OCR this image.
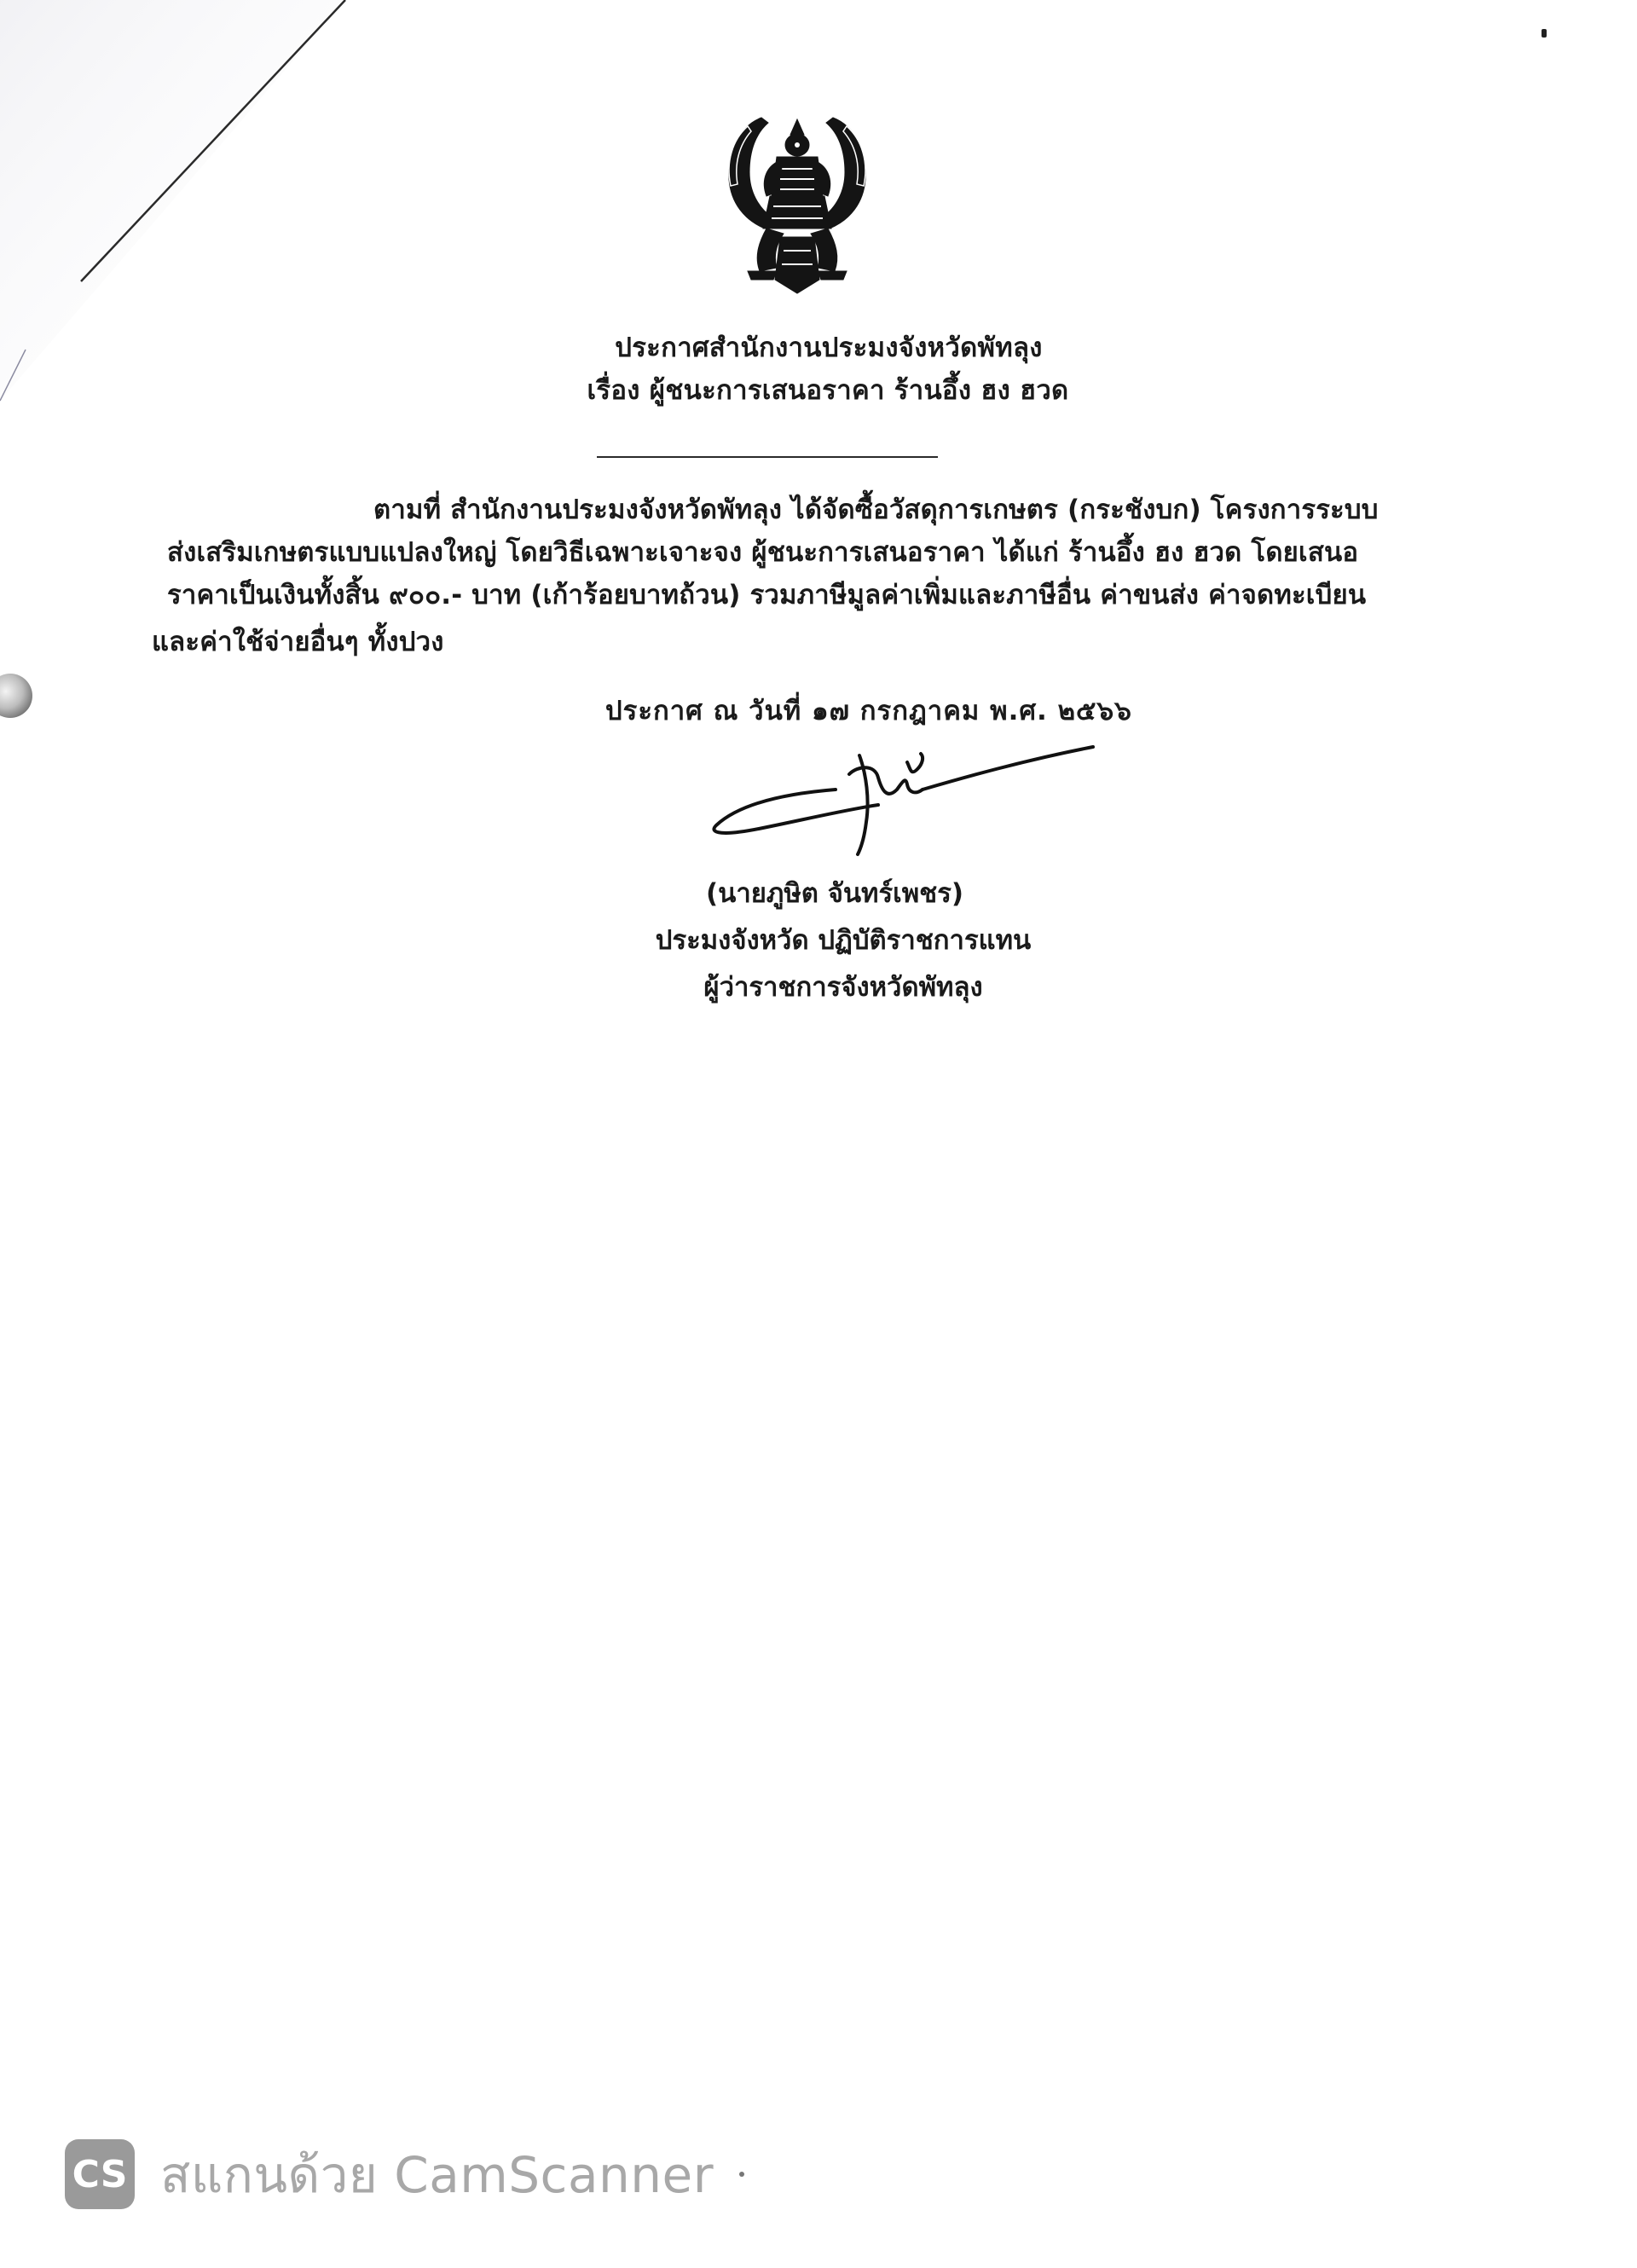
ประกาศสำนักงานประมงจังหวัดพัทลุง
เรื่อง ผู้ชนะการเสนอราคา ร้านอึ้ง ฮง ฮวด
ตามที่ สำนักงานประมงจังหวัดพัทลุง ได้จัดซื้อวัสดุการเกษตร (กระชังบก) โครงการระบบ
ส่งเสริมเกษตรแบบแปลงใหญ่ โดยวิธีเฉพาะเจาะจง ผู้ชนะการเสนอราคา ได้แก่ ร้านอึ้ง ฮง ฮวด โดยเสนอ
ราคาเป็นเงินทั้งสิ้น ๙๐๐.- บาท (เก้าร้อยบาทถ้วน) รวมภาษีมูลค่าเพิ่มและภาษีอื่น ค่าขนส่ง ค่าจดทะเบียน
และค่าใช้จ่ายอื่นๆ ทั้งปวง
ประกาศ ณ วันที่ ๑๗ กรกฎาคม พ.ศ. ๒๕๖๖
(นายภูษิต จันทร์เพชร)
ประมงจังหวัด ปฏิบัติราชการแทน
ผู้ว่าราชการจังหวัดพัทลุง
CS สแกนด้วย CamScanner
